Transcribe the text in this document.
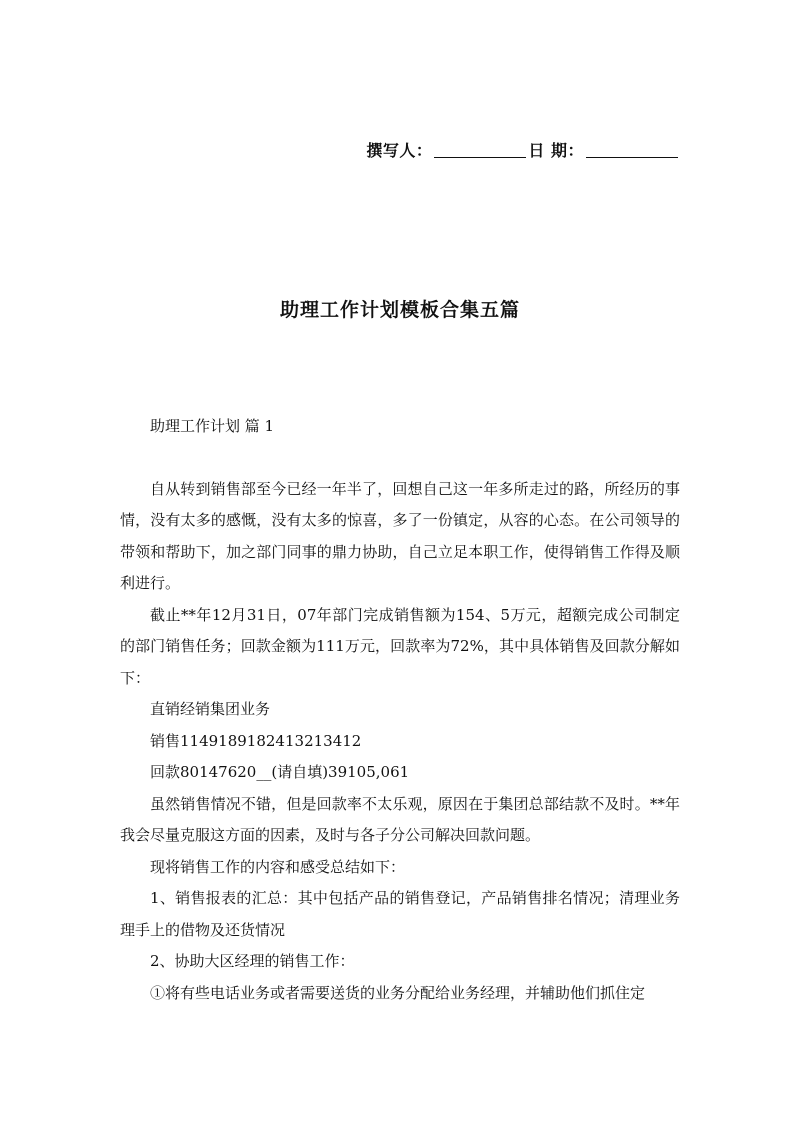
撰写人：	日 期：
助理工作计划模板合集五篇

助理工作计划 篇 1

自从转到销售部至今已经一年半了，回想自己这一年多所走过的路，所经历的事情，没有太多的感慨，没有太多的惊喜，多了一份镇定，从容的心态。在公司领导的带领和帮助下，加之部门同事的鼎力协助，自己立足本职工作，使得销售工作得及顺利进行。

截止**年12月31日，07年部门完成销售额为154、5万元，超额完成公司制定的部门销售任务；回款金额为111万元，回款率为72%，其中具体销售及回款分解如下：

直销经销集团业务

销售1149189182413213412

回款80147620__(请自填)39105,061

虽然销售情况不错，但是回款率不太乐观，原因在于集团总部结款不及时。**年我会尽量克服这方面的因素，及时与各子分公司解决回款问题。

现将销售工作的内容和感受总结如下：

1、销售报表的汇总：其中包括产品的销售登记，产品销售排名情况；清理业务理手上的借物及还货情况

2、协助大区经理的销售工作：

①将有些电话业务或者需要送货的业务分配给业务经理，并辅助他们抓住定
